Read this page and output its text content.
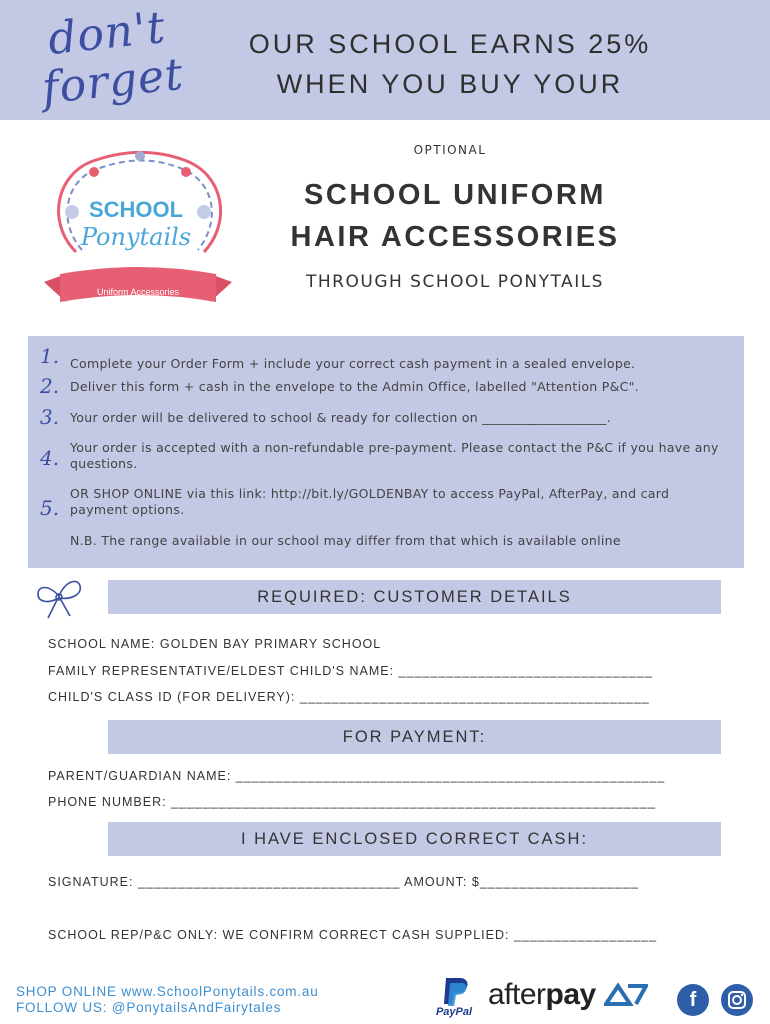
don't
forget
OUR SCHOOL EARNS 25%
WHEN YOU BUY YOUR
SCHOOL
Ponytails
Uniform Accessories
OPTIONAL
SCHOOL UNIFORM
HAIR ACCESSORIES
THROUGH SCHOOL PONYTAILS
1. Complete your Order Form + include your correct cash payment in a sealed envelope.
2. Deliver this form + cash in the envelope to the Admin Office, labelled "Attention P&C".
3. Your order will be delivered to school & ready for collection on ___________________.
4. Your order is accepted with a non-refundable pre-payment. Please contact the P&C if you have any questions.
5.
OR SHOP ONLINE via this link: http://bit.ly/GOLDENBAY to access PayPal, AfterPay, and card payment options.
N.B. The range available in our school may differ from that which is available online
REQUIRED: CUSTOMER DETAILS
SCHOOL NAME: GOLDEN BAY PRIMARY SCHOOL
FAMILY REPRESENTATIVE/ELDEST CHILD'S NAME: ________________________________
CHILD'S CLASS ID (FOR DELIVERY): ____________________________________________
FOR PAYMENT:
PARENT/GUARDIAN NAME: ______________________________________________________
PHONE NUMBER: _____________________________________________________________
I HAVE ENCLOSED CORRECT CASH:
SIGNATURE: _________________________________ AMOUNT: $____________________
SCHOOL REP/P&C ONLY: WE CONFIRM CORRECT CASH SUPPLIED: __________________
SHOP ONLINE www.SchoolPonytails.com.au
FOLLOW US: @PonytailsAndFairytales	PayPal
afterpay	f
